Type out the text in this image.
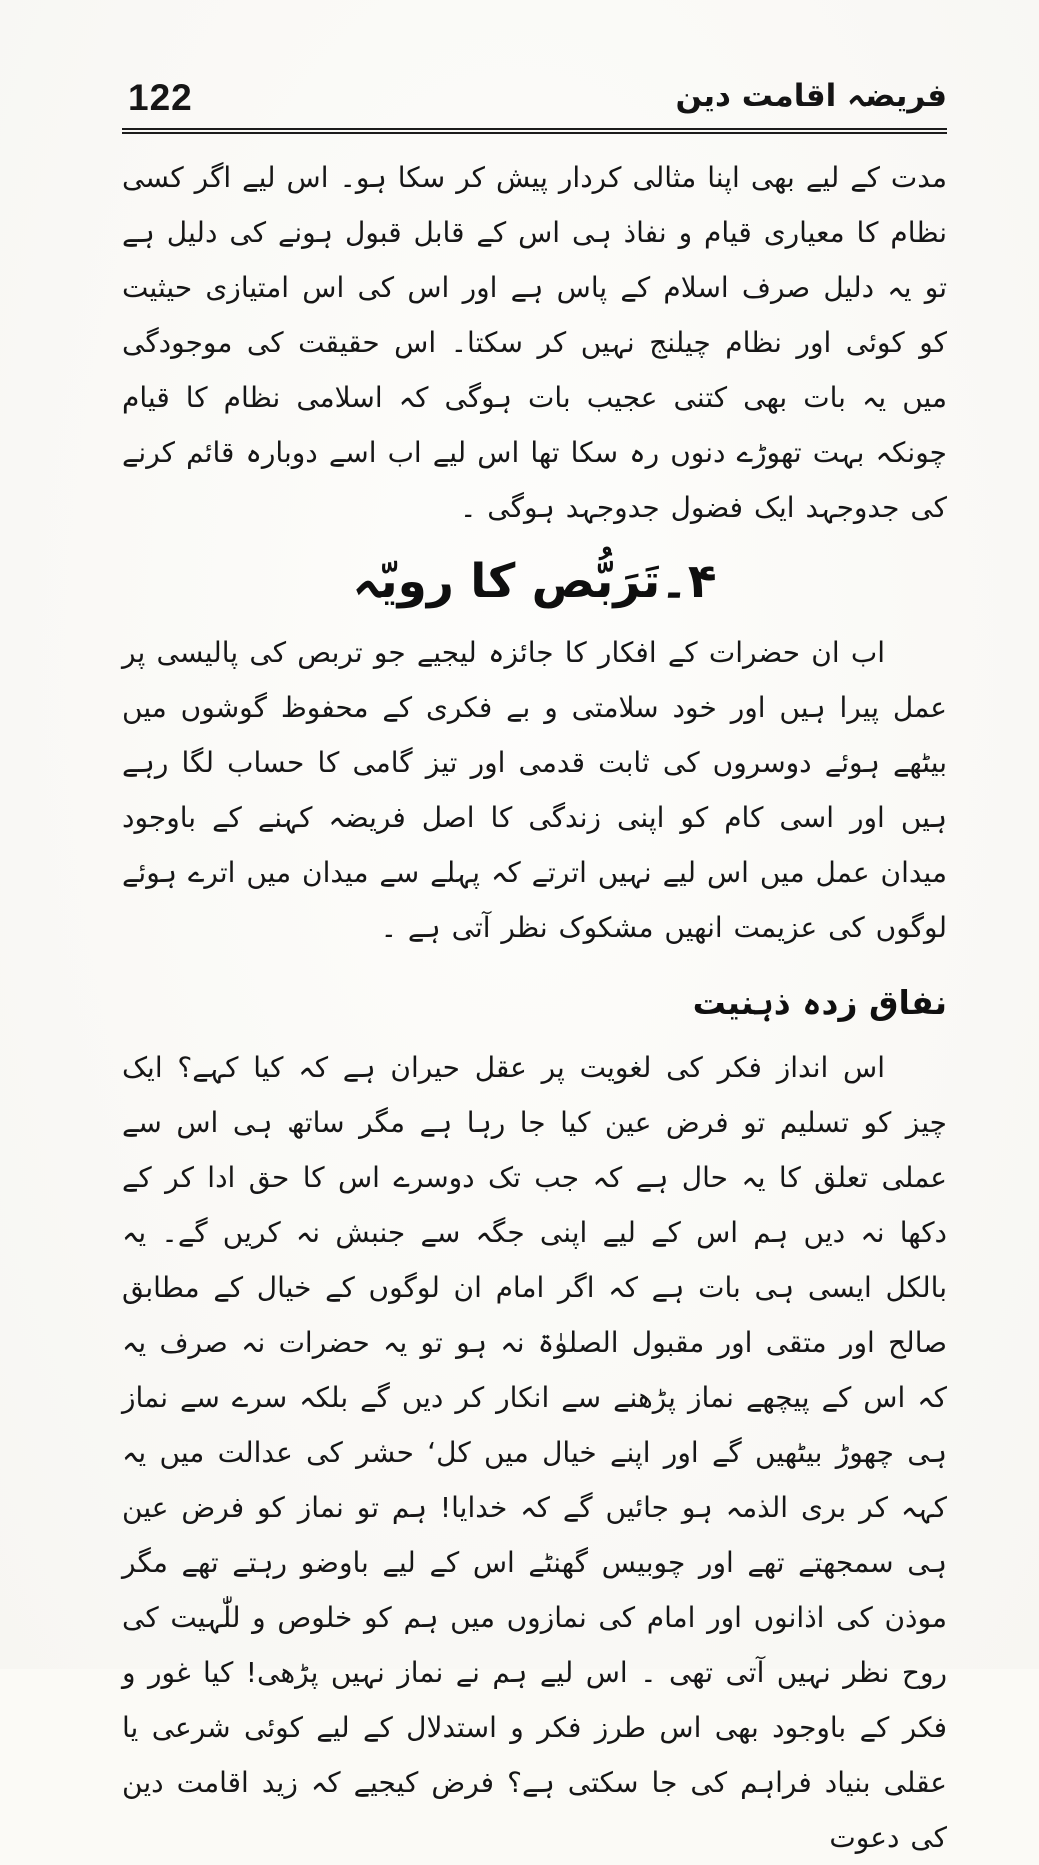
122	فریضہ اقامت دین

مدت کے لیے بھی اپنا مثالی کردار پیش کر سکا ہو۔ اس لیے اگر کسی نظام کا معیاری قیام و نفاذ ہی اس کے قابل قبول ہونے کی دلیل ہے تو یہ دلیل صرف اسلام کے پاس ہے اور اس کی اس امتیازی حیثیت کو کوئی اور نظام چیلنج نہیں کر سکتا۔ اس حقیقت کی موجودگی میں یہ بات بھی کتنی عجیب بات ہوگی کہ اسلامی نظام کا قیام چونکہ بہت تھوڑے دنوں رہ سکا تھا اس لیے اب اسے دوبارہ قائم کرنے کی جدوجہد ایک فضول جدوجہد ہوگی ۔

۴۔تَرَبُّص کا رویّہ

اب ان حضرات کے افکار کا جائزہ لیجیے جو تربص کی پالیسی پر عمل پیرا ہیں اور خود سلامتی و بے فکری کے محفوظ گوشوں میں بیٹھے ہوئے دوسروں کی ثابت قدمی اور تیز گامی کا حساب لگا رہے ہیں اور اسی کام کو اپنی زندگی کا اصل فریضہ کہنے کے باوجود میدان عمل میں اس لیے نہیں اترتے کہ پہلے سے میدان میں اترے ہوئے لوگوں کی عزیمت انھیں مشکوک نظر آتی ہے ۔

نفاق زدہ ذہنیت

اس انداز فکر کی لغویت پر عقل حیران ہے کہ کیا کہے؟ ایک چیز کو تسلیم تو فرض عین کیا جا رہا ہے مگر ساتھ ہی اس سے عملی تعلق کا یہ حال ہے کہ جب تک دوسرے اس کا حق ادا کر کے دکھا نہ دیں ہم اس کے لیے اپنی جگہ سے جنبش نہ کریں گے۔ یہ بالکل ایسی ہی بات ہے کہ اگر امام ان لوگوں کے خیال کے مطابق صالح اور متقی اور مقبول الصلوٰۃ نہ ہو تو یہ حضرات نہ صرف یہ کہ اس کے پیچھے نماز پڑھنے سے انکار کر دیں گے بلکہ سرے سے نماز ہی چھوڑ بیٹھیں گے اور اپنے خیال میں کل‘ حشر کی عدالت میں یہ کہہ کر بری الذمہ ہو جائیں گے کہ خدایا! ہم تو نماز کو فرض عین ہی سمجھتے تھے اور چوبیس گھنٹے اس کے لیے باوضو رہتے تھے مگر موذن کی اذانوں اور امام کی نمازوں میں ہم کو خلوص و للّٰہیت کی روح نظر نہیں آتی تھی ۔ اس لیے ہم نے نماز نہیں پڑھی! کیا غور و فکر کے باوجود بھی اس طرز فکر و استدلال کے لیے کوئی شرعی یا عقلی بنیاد فراہم کی جا سکتی ہے؟ فرض کیجیے کہ زید اقامت دین کی دعوت
